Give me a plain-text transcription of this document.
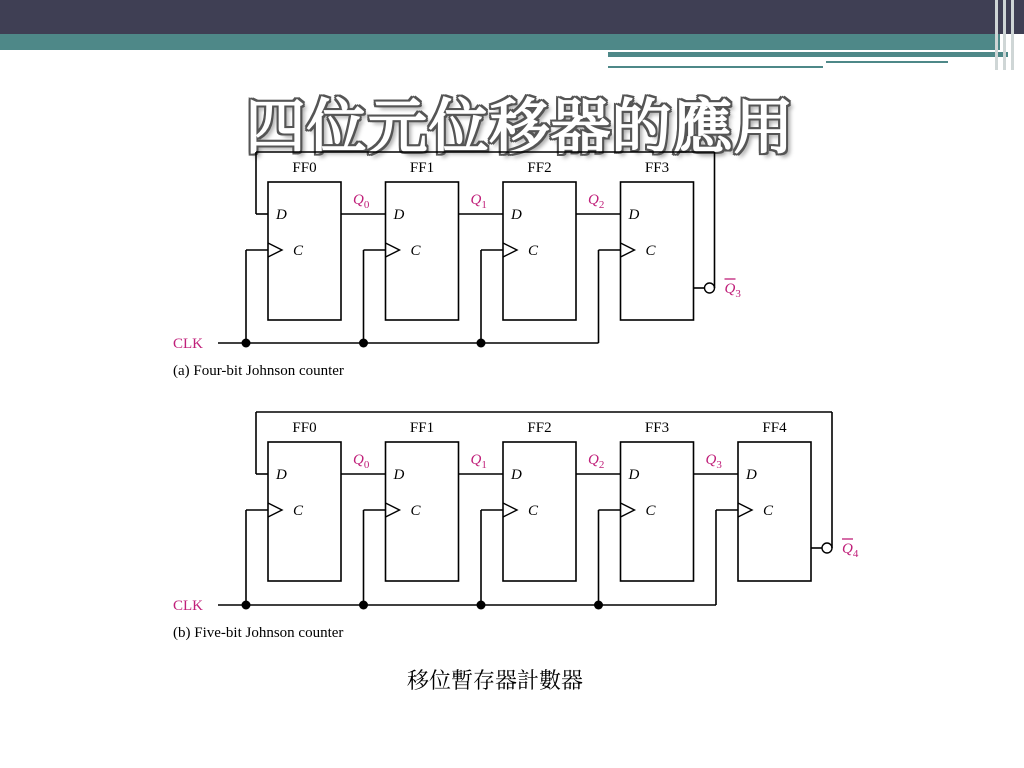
四位元位移器的應用
FF0
D
C
FF1
D
C
FF2
D
C
FF3
D
C
$Q_0$	$Q_1$	$Q_2$
$Q_3$
CLK
(a) Four-bit Johnson counter
FF0
D
C
FF1
D
C
FF2
D
C
FF3
D
C
FF4
D
C
$Q_0$	$Q_1$	$Q_2$	$Q_3$
$Q_4$
CLK
(b) Five-bit Johnson counter
移位暫存器計數器
